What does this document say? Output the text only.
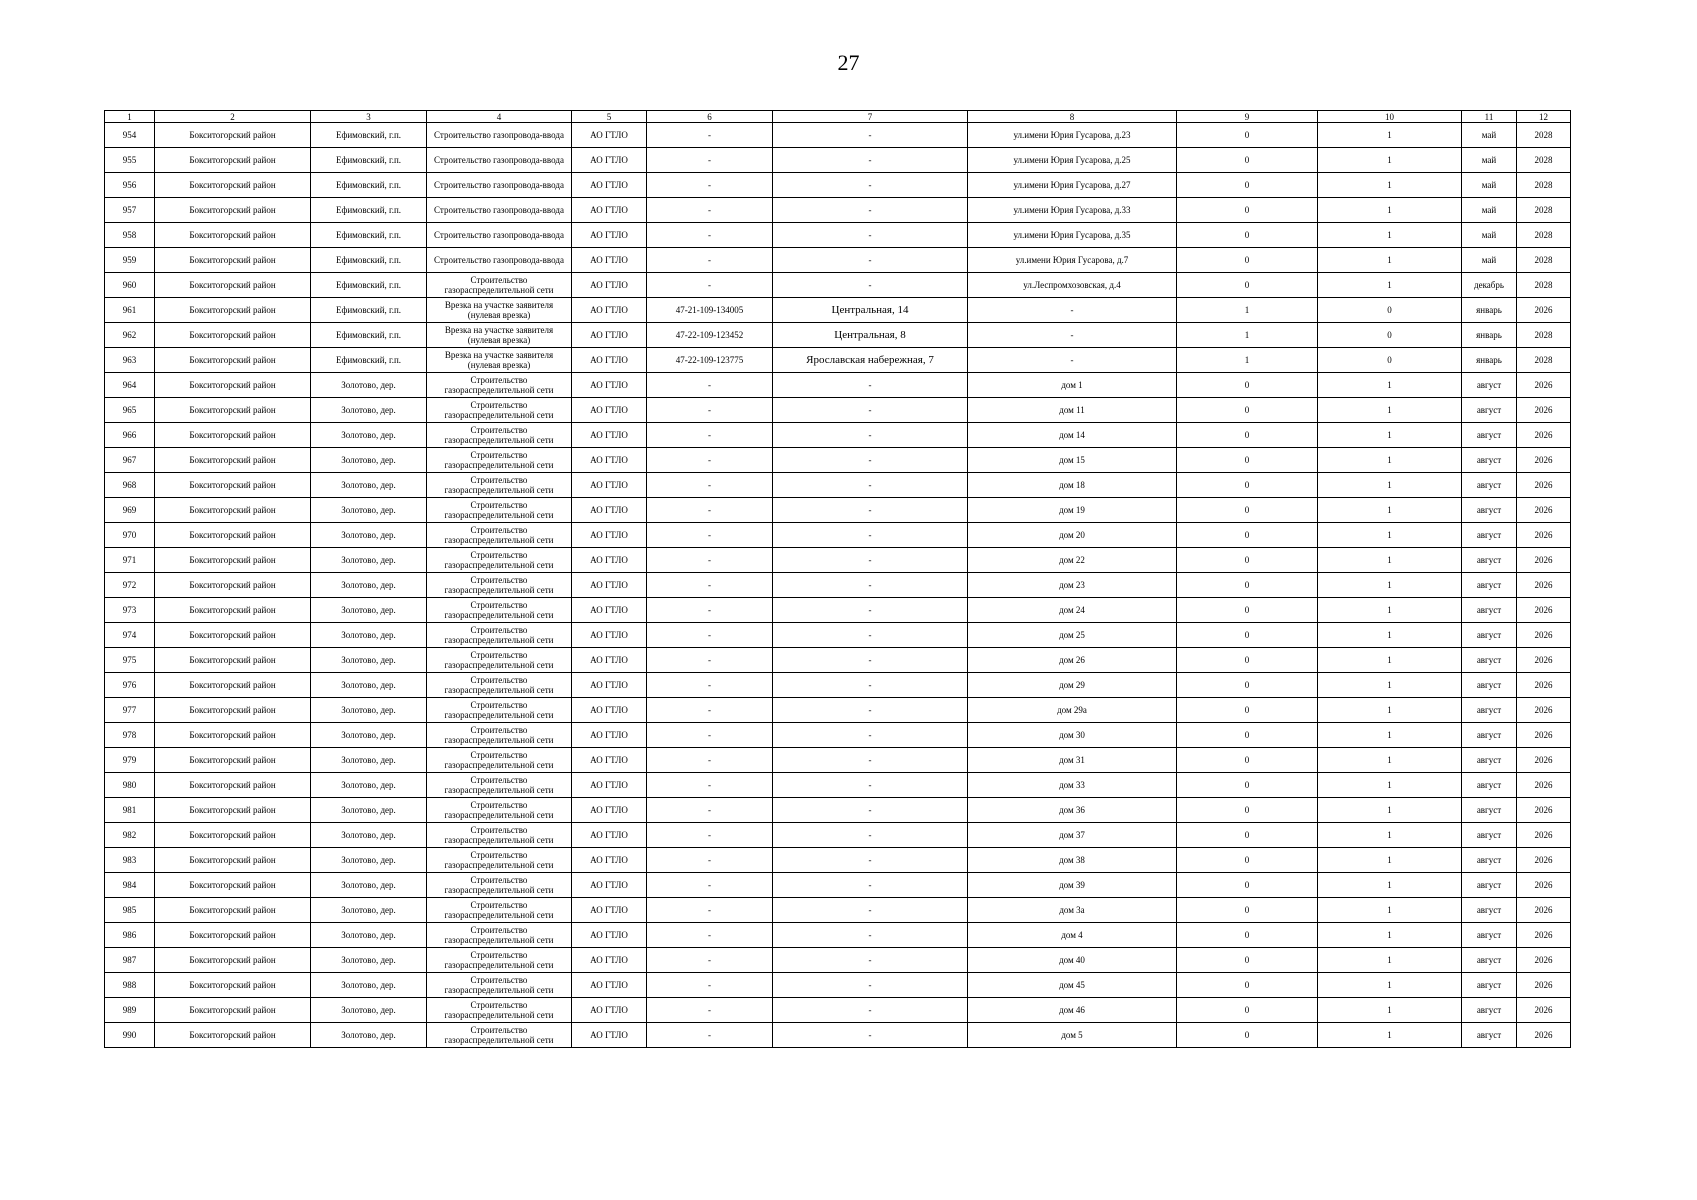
27
1	2	3	4	5	6	7	8	9	10	11	12
954	Бокситогорский район	Ефимовский, г.п.	Строительство газопровода-ввода	АО ГТЛО	-	-	ул.имени Юрия Гусарова, д.23	0	1	май	2028
955	Бокситогорский район	Ефимовский, г.п.	Строительство газопровода-ввода	АО ГТЛО	-	-	ул.имени Юрия Гусарова, д.25	0	1	май	2028
956	Бокситогорский район	Ефимовский, г.п.	Строительство газопровода-ввода	АО ГТЛО	-	-	ул.имени Юрия Гусарова, д.27	0	1	май	2028
957	Бокситогорский район	Ефимовский, г.п.	Строительство газопровода-ввода	АО ГТЛО	-	-	ул.имени Юрия Гусарова, д.33	0	1	май	2028
958	Бокситогорский район	Ефимовский, г.п.	Строительство газопровода-ввода	АО ГТЛО	-	-	ул.имени Юрия Гусарова, д.35	0	1	май	2028
959	Бокситогорский район	Ефимовский, г.п.	Строительство газопровода-ввода	АО ГТЛО	-	-	ул.имени Юрия Гусарова, д.7	0	1	май	2028
960	Бокситогорский район	Ефимовский, г.п.	Строительство газораспределительной сети	АО ГТЛО	-	-	ул.Леспромхозовская, д.4	0	1	декабрь	2028
961	Бокситогорский район	Ефимовский, г.п.	Врезка на участке заявителя (нулевая врезка)	АО ГТЛО	47-21-109-134005	Центральная, 14	-	1	0	январь	2026
962	Бокситогорский район	Ефимовский, г.п.	Врезка на участке заявителя (нулевая врезка)	АО ГТЛО	47-22-109-123452	Центральная, 8	-	1	0	январь	2028
963	Бокситогорский район	Ефимовский, г.п.	Врезка на участке заявителя (нулевая врезка)	АО ГТЛО	47-22-109-123775	Ярославская набережная, 7	-	1	0	январь	2028
964	Бокситогорский район	Золотово, дер.	Строительство газораспределительной сети	АО ГТЛО	-	-	дом 1	0	1	август	2026
965	Бокситогорский район	Золотово, дер.	Строительство газораспределительной сети	АО ГТЛО	-	-	дом 11	0	1	август	2026
966	Бокситогорский район	Золотово, дер.	Строительство газораспределительной сети	АО ГТЛО	-	-	дом 14	0	1	август	2026
967	Бокситогорский район	Золотово, дер.	Строительство газораспределительной сети	АО ГТЛО	-	-	дом 15	0	1	август	2026
968	Бокситогорский район	Золотово, дер.	Строительство газораспределительной сети	АО ГТЛО	-	-	дом 18	0	1	август	2026
969	Бокситогорский район	Золотово, дер.	Строительство газораспределительной сети	АО ГТЛО	-	-	дом 19	0	1	август	2026
970	Бокситогорский район	Золотово, дер.	Строительство газораспределительной сети	АО ГТЛО	-	-	дом 20	0	1	август	2026
971	Бокситогорский район	Золотово, дер.	Строительство газораспределительной сети	АО ГТЛО	-	-	дом 22	0	1	август	2026
972	Бокситогорский район	Золотово, дер.	Строительство газораспределительной сети	АО ГТЛО	-	-	дом 23	0	1	август	2026
973	Бокситогорский район	Золотово, дер.	Строительство газораспределительной сети	АО ГТЛО	-	-	дом 24	0	1	август	2026
974	Бокситогорский район	Золотово, дер.	Строительство газораспределительной сети	АО ГТЛО	-	-	дом 25	0	1	август	2026
975	Бокситогорский район	Золотово, дер.	Строительство газораспределительной сети	АО ГТЛО	-	-	дом 26	0	1	август	2026
976	Бокситогорский район	Золотово, дер.	Строительство газораспределительной сети	АО ГТЛО	-	-	дом 29	0	1	август	2026
977	Бокситогорский район	Золотово, дер.	Строительство газораспределительной сети	АО ГТЛО	-	-	дом 29а	0	1	август	2026
978	Бокситогорский район	Золотово, дер.	Строительство газораспределительной сети	АО ГТЛО	-	-	дом 30	0	1	август	2026
979	Бокситогорский район	Золотово, дер.	Строительство газораспределительной сети	АО ГТЛО	-	-	дом 31	0	1	август	2026
980	Бокситогорский район	Золотово, дер.	Строительство газораспределительной сети	АО ГТЛО	-	-	дом 33	0	1	август	2026
981	Бокситогорский район	Золотово, дер.	Строительство газораспределительной сети	АО ГТЛО	-	-	дом 36	0	1	август	2026
982	Бокситогорский район	Золотово, дер.	Строительство газораспределительной сети	АО ГТЛО	-	-	дом 37	0	1	август	2026
983	Бокситогорский район	Золотово, дер.	Строительство газораспределительной сети	АО ГТЛО	-	-	дом 38	0	1	август	2026
984	Бокситогорский район	Золотово, дер.	Строительство газораспределительной сети	АО ГТЛО	-	-	дом 39	0	1	август	2026
985	Бокситогорский район	Золотово, дер.	Строительство газораспределительной сети	АО ГТЛО	-	-	дом 3а	0	1	август	2026
986	Бокситогорский район	Золотово, дер.	Строительство газораспределительной сети	АО ГТЛО	-	-	дом 4	0	1	август	2026
987	Бокситогорский район	Золотово, дер.	Строительство газораспределительной сети	АО ГТЛО	-	-	дом 40	0	1	август	2026
988	Бокситогорский район	Золотово, дер.	Строительство газораспределительной сети	АО ГТЛО	-	-	дом 45	0	1	август	2026
989	Бокситогорский район	Золотово, дер.	Строительство газораспределительной сети	АО ГТЛО	-	-	дом 46	0	1	август	2026
990	Бокситогорский район	Золотово, дер.	Строительство газораспределительной сети	АО ГТЛО	-	-	дом 5	0	1	август	2026
